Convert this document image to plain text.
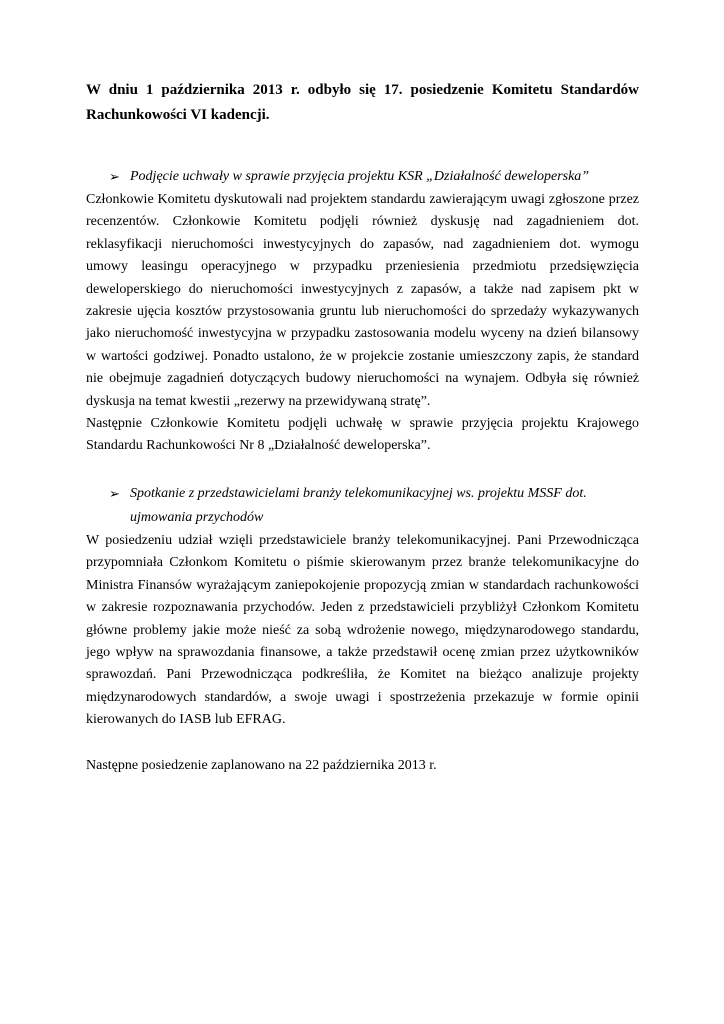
W dniu 1 października 2013 r. odbyło się 17. posiedzenie Komitetu Standardów Rachunkowości VI kadencji.

➢ Podjęcie uchwały w sprawie przyjęcia projektu KSR „Działalność deweloperska”

Członkowie Komitetu dyskutowali nad projektem standardu zawierającym uwagi zgłoszone przez recenzentów. Członkowie Komitetu podjęli również dyskusję nad zagadnieniem dot. reklasyfikacji nieruchomości inwestycyjnych do zapasów, nad zagadnieniem dot. wymogu umowy leasingu operacyjnego w przypadku przeniesienia przedmiotu przedsięwzięcia deweloperskiego do nieruchomości inwestycyjnych z zapasów, a także nad zapisem pkt w zakresie ujęcia kosztów przystosowania gruntu lub nieruchomości do sprzedaży wykazywanych jako nieruchomość inwestycyjna w przypadku zastosowania modelu wyceny na dzień bilansowy w wartości godziwej. Ponadto ustalono, że w projekcie zostanie umieszczony zapis, że standard nie obejmuje zagadnień dotyczących budowy nieruchomości na wynajem. Odbyła się również dyskusja na temat kwestii „rezerwy na przewidywaną stratę”.

Następnie Członkowie Komitetu podjęli uchwałę w sprawie przyjęcia projektu Krajowego Standardu Rachunkowości Nr 8 „Działalność deweloperska”.

➢ Spotkanie z przedstawicielami branży telekomunikacyjnej ws. projektu MSSF dot. ujmowania przychodów

W posiedzeniu udział wzięli przedstawiciele branży telekomunikacyjnej. Pani Przewodnicząca przypomniała Członkom Komitetu o piśmie skierowanym przez branże telekomunikacyjne do Ministra Finansów wyrażającym zaniepokojenie propozycją zmian w standardach rachunkowości w zakresie rozpoznawania przychodów. Jeden z przedstawicieli przybliżył Członkom Komitetu główne problemy jakie może nieść za sobą wdrożenie nowego, międzynarodowego standardu, jego wpływ na sprawozdania finansowe, a także przedstawił ocenę zmian przez użytkowników sprawozdań. Pani Przewodnicząca podkreśliła, że Komitet na bieżąco analizuje projekty międzynarodowych standardów, a swoje uwagi i spostrzeżenia przekazuje w formie opinii kierowanych do IASB lub EFRAG.

Następne posiedzenie zaplanowano na 22 października 2013 r.
